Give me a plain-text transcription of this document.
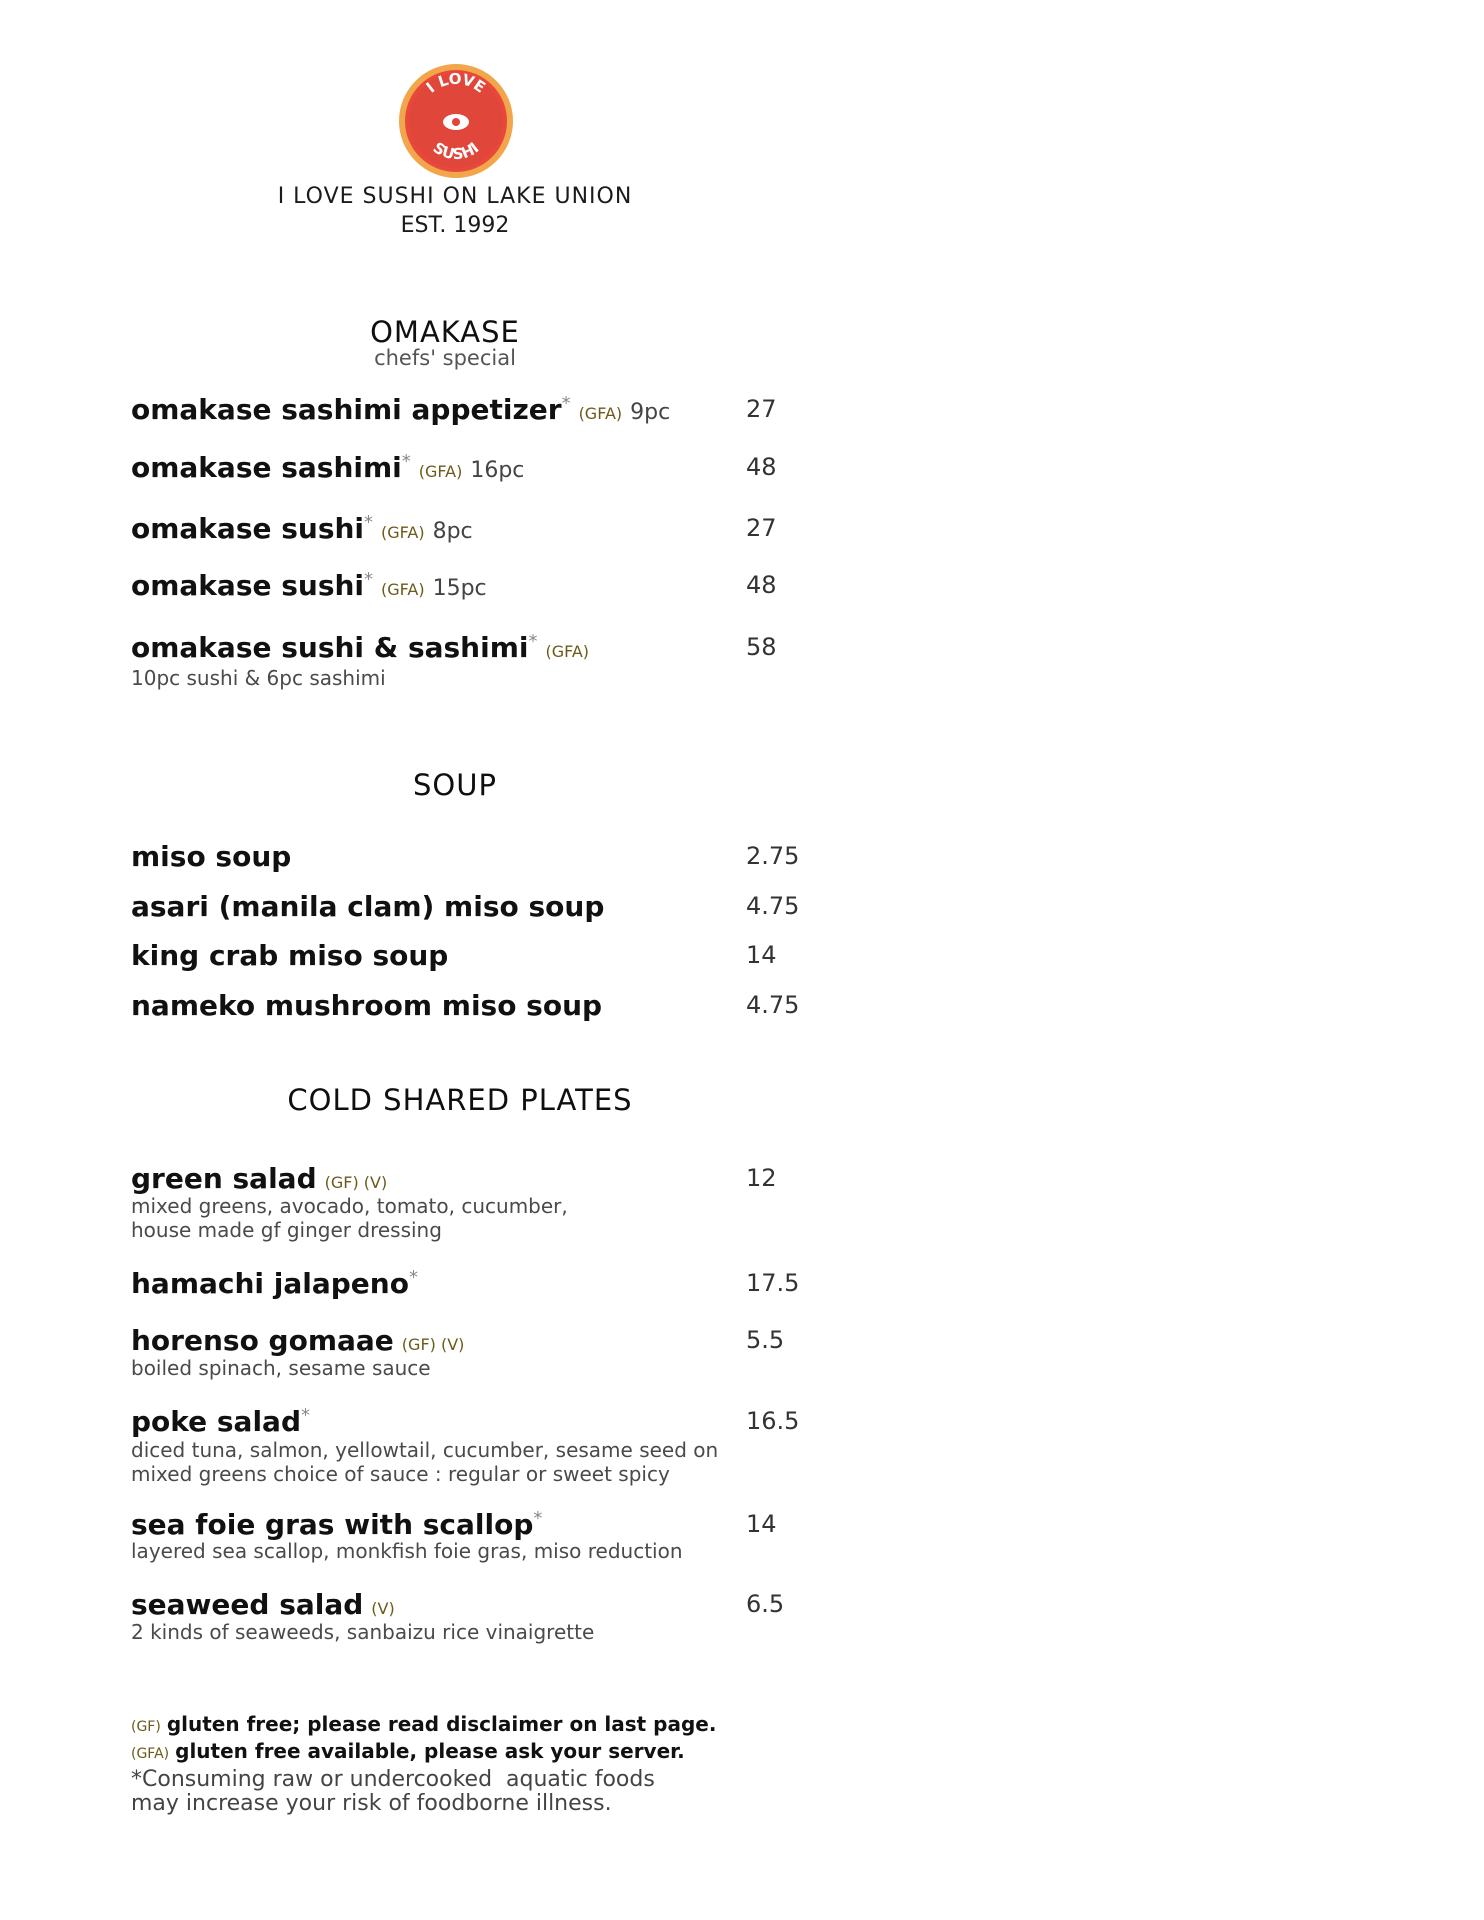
I LOVE
SUSHI
I LOVE SUSHI ON LAKE UNION
EST. 1992
OMAKASE
chefs' special
omakase sashimi appetizer* (GFA) 9pc	27
omakase sashimi* (GFA) 16pc	48
omakase sushi* (GFA) 8pc	27
omakase sushi* (GFA) 15pc	48
omakase sushi & sashimi* (GFA)	58
10pc sushi & 6pc sashimi
SOUP
miso soup	2.75
asari (manila clam) miso soup	4.75
king crab miso soup	14
nameko mushroom miso soup	4.75
COLD SHARED PLATES
green salad (GF) (V)	12
mixed greens, avocado, tomato, cucumber,
house made gf ginger dressing
hamachi jalapeno*	17.5
horenso gomaae (GF) (V)	5.5
boiled spinach, sesame sauce
poke salad*	16.5
diced tuna, salmon, yellowtail, cucumber, sesame seed on
mixed greens choice of sauce : regular or sweet spicy
sea foie gras with scallop*	14
layered sea scallop, monkfish foie gras, miso reduction
seaweed salad (V)	6.5
2 kinds of seaweeds, sanbaizu rice vinaigrette
(GF) gluten free; please read disclaimer on last page.
(GFA) gluten free available, please ask your server.
*Consuming raw or undercooked  aquatic foods
may increase your risk of foodborne illness.
